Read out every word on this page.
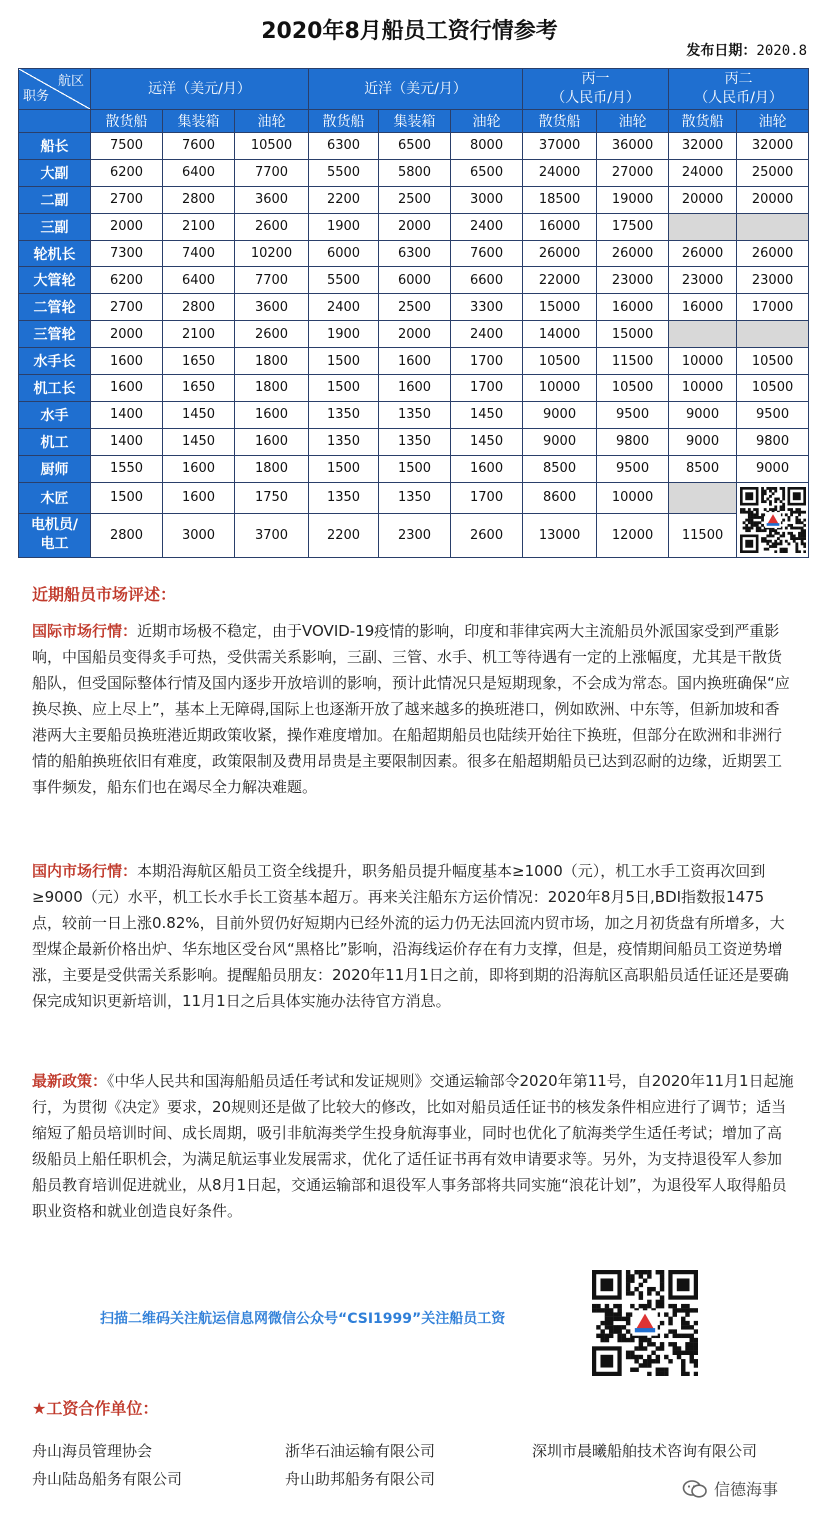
2020年8月船员工资行情参考
发布日期：2020.8
航区
职务	远洋（美元/月）			近洋（美元/月）			丙一
（人民币/月）		丙二
（人民币/月）	
	散货船	集装箱	油轮	散货船	集装箱	油轮	散货船	油轮	散货船	油轮
船长	7500	7600	10500	6300	6500	8000	37000	36000	32000	32000
大副	6200	6400	7700	5500	5800	6500	24000	27000	24000	25000
二副	2700	2800	3600	2200	2500	3000	18500	19000	20000	20000
三副	2000	2100	2600	1900	2000	2400	16000	17500		
轮机长	7300	7400	10200	6000	6300	7600	26000	26000	26000	26000
大管轮	6200	6400	7700	5500	6000	6600	22000	23000	23000	23000
二管轮	2700	2800	3600	2400	2500	3300	15000	16000	16000	17000
三管轮	2000	2100	2600	1900	2000	2400	14000	15000		
水手长	1600	1650	1800	1500	1600	1700	10500	11500	10000	10500
机工长	1600	1650	1800	1500	1600	1700	10000	10500	10000	10500
水手	1400	1450	1600	1350	1350	1450	9000	9500	9000	9500
机工	1400	1450	1600	1350	1350	1450	9000	9800	9000	9800
厨师	1550	1600	1800	1500	1500	1600	8500	9500	8500	9000
木匠	1500	1600	1750	1350	1350	1700	8600	10000		

电机员/
电工	2800	3000	3700	2200	2300	2600	13000	12000	11500	
近期船员市场评述：
国际市场行情：近期市场极不稳定，由于VOVID-19疫情的影响，印度和菲律宾两大主流船员外派国家受到严重影响，中国船员变得炙手可热，受供需关系影响，三副、三管、水手、机工等待遇有一定的上涨幅度，尤其是干散货船队，但受国际整体行情及国内逐步开放培训的影响，预计此情况只是短期现象，不会成为常态。国内换班确保“应换尽换、应上尽上”，基本上无障碍,国际上也逐渐开放了越来越多的换班港口，例如欧洲、中东等，但新加坡和香港两大主要船员换班港近期政策收紧，操作难度增加。在船超期船员也陆续开始往下换班，但部分在欧洲和非洲行情的船舶换班依旧有难度，政策限制及费用昂贵是主要限制因素。很多在船超期船员已达到忍耐的边缘，近期罢工事件频发，船东们也在竭尽全力解决难题。
国内市场行情：本期沿海航区船员工资全线提升，职务船员提升幅度基本≥1000（元），机工水手工资再次回到≥9000（元）水平，机工长水手长工资基本超万。再来关注船东方运价情况：2020年8月5日,BDI指数报1475点，较前一日上涨0.82%，目前外贸仍好短期内已经外流的运力仍无法回流内贸市场，加之月初货盘有所增多，大型煤企最新价格出炉、华东地区受台风“黑格比”影响，沿海线运价存在有力支撑，但是，疫情期间船员工资逆势增涨，主要是受供需关系影响。提醒船员朋友：2020年11月1日之前，即将到期的沿海航区高职船员适任证还是要确保完成知识更新培训，11月1日之后具体实施办法待官方消息。
最新政策：《中华人民共和国海船船员适任考试和发证规则》交通运输部令2020年第11号，自2020年11月1日起施行，为贯彻《决定》要求，20规则还是做了比较大的修改，比如对船员适任证书的核发条件相应进行了调节；适当缩短了船员培训时间、成长周期，吸引非航海类学生投身航海事业，同时也优化了航海类学生适任考试；增加了高级船员上船任职机会，为满足航运事业发展需求，优化了适任证书再有效申请要求等。另外，为支持退役军人参加船员教育培训促进就业，从8月1日起，交通运输部和退役军人事务部将共同实施“浪花计划”，为退役军人取得船员职业资格和就业创造良好条件。
扫描二维码关注航运信息网微信公众号“CSI1999”关注船员工资
★工资合作单位：
舟山海员管理协会	浙华石油运输有限公司	深圳市晨曦船舶技术咨询有限公司
舟山陆岛船务有限公司	舟山助邦船务有限公司
信德海事
